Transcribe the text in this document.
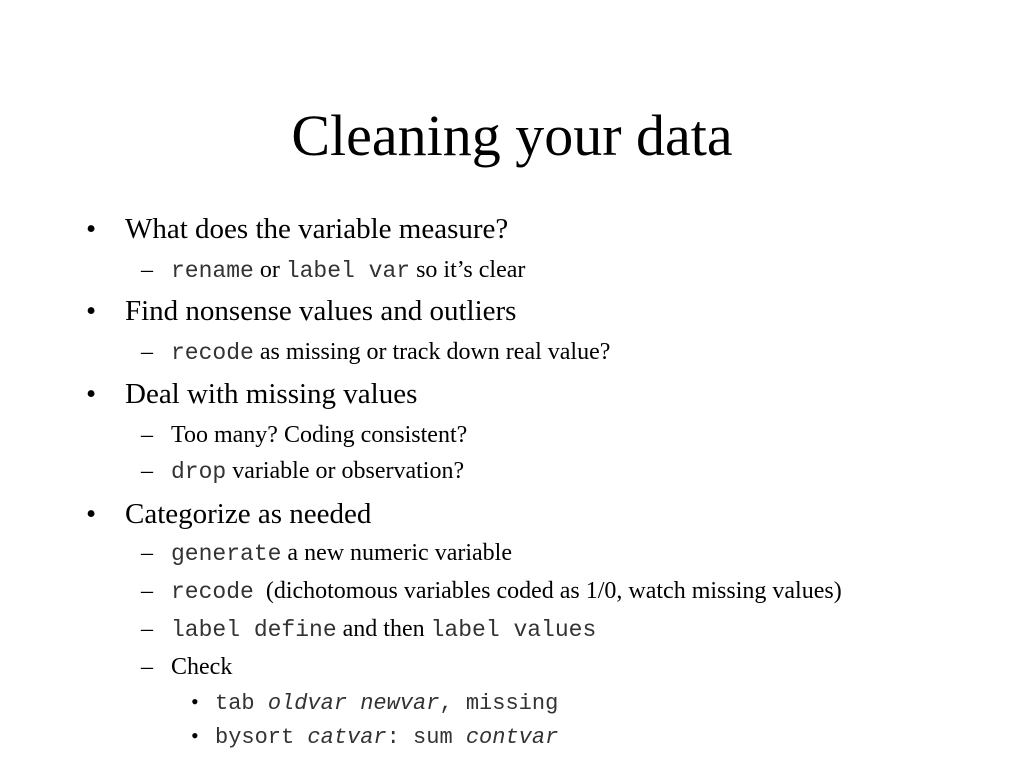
Cleaning your data
• What does the variable measure?
– rename or label var so it’s clear
• Find nonsense values and outliers
– recode as missing or track down real value?
• Deal with missing values
– Too many? Coding consistent?
– drop variable or observation?
• Categorize as needed
– generate a new numeric variable
– recode  (dichotomous variables coded as 1/0, watch missing values)
– label define and then label values
– Check
• tab oldvar newvar, missing
• bysort catvar: sum contvar
